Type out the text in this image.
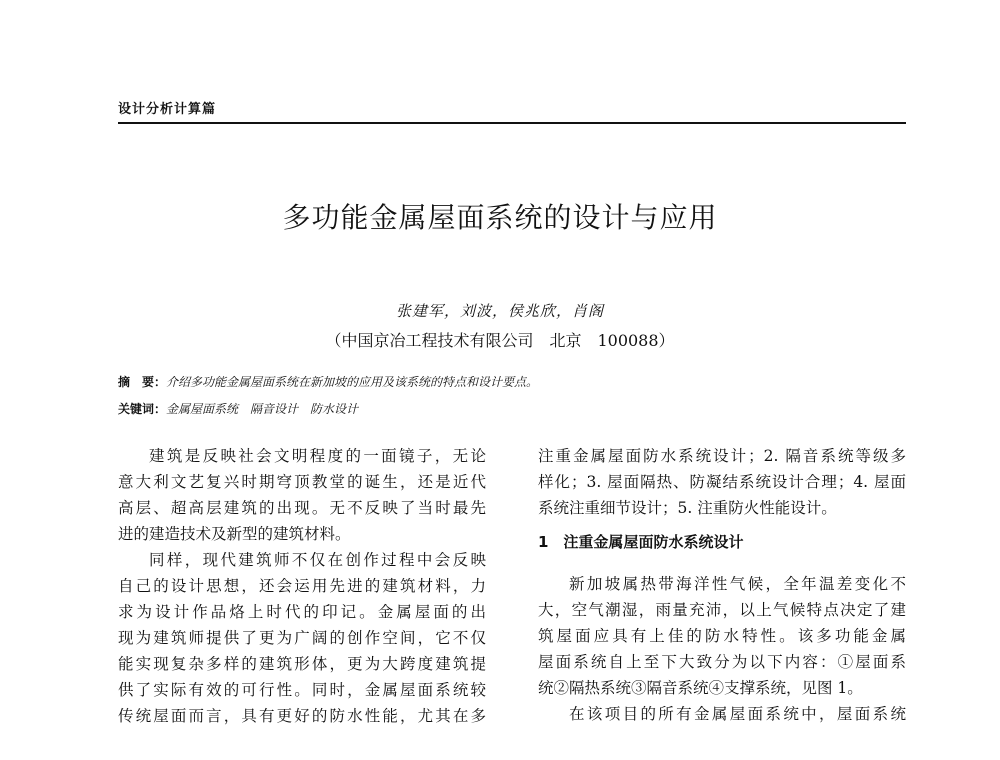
设计分析计算篇
多功能金属屋面系统的设计与应用
张建军，刘波，侯兆欣，肖阁
（中国京冶工程技术有限公司　北京　100088）
摘　要：介绍多功能金属屋面系统在新加坡的应用及该系统的特点和设计要点。
关键词：金属屋面系统　隔音设计　防水设计

建筑是反映社会文明程度的一面镜子，无论

意大利文艺复兴时期穹顶教堂的诞生，还是近代

高层、超高层建筑的出现。无不反映了当时最先

进的建造技术及新型的建筑材料。

同样，现代建筑师不仅在创作过程中会反映

自己的设计思想，还会运用先进的建筑材料，力

求为设计作品烙上时代的印记。金属屋面的出

现为建筑师提供了更为广阔的创作空间，它不仅

能实现复杂多样的建筑形体，更为大跨度建筑提

供了实际有效的可行性。同时，金属屋面系统较

传统屋面而言，具有更好的防水性能，尤其在多

注重金属屋面防水系统设计；2. 隔音系统等级多

样化；3. 屋面隔热、防凝结系统设计合理；4. 屋面

系统注重细节设计；5. 注重防火性能设计。

1　注重金属屋面防水系统设计

新加坡属热带海洋性气候，全年温差变化不

大，空气潮湿，雨量充沛，以上气候特点决定了建

筑屋面应具有上佳的防水特性。该多功能金属

屋面系统自上至下大致分为以下内容：①屋面系

统②隔热系统③隔音系统④支撑系统，见图 1。

在该项目的所有金属屋面系统中，屋面系统
